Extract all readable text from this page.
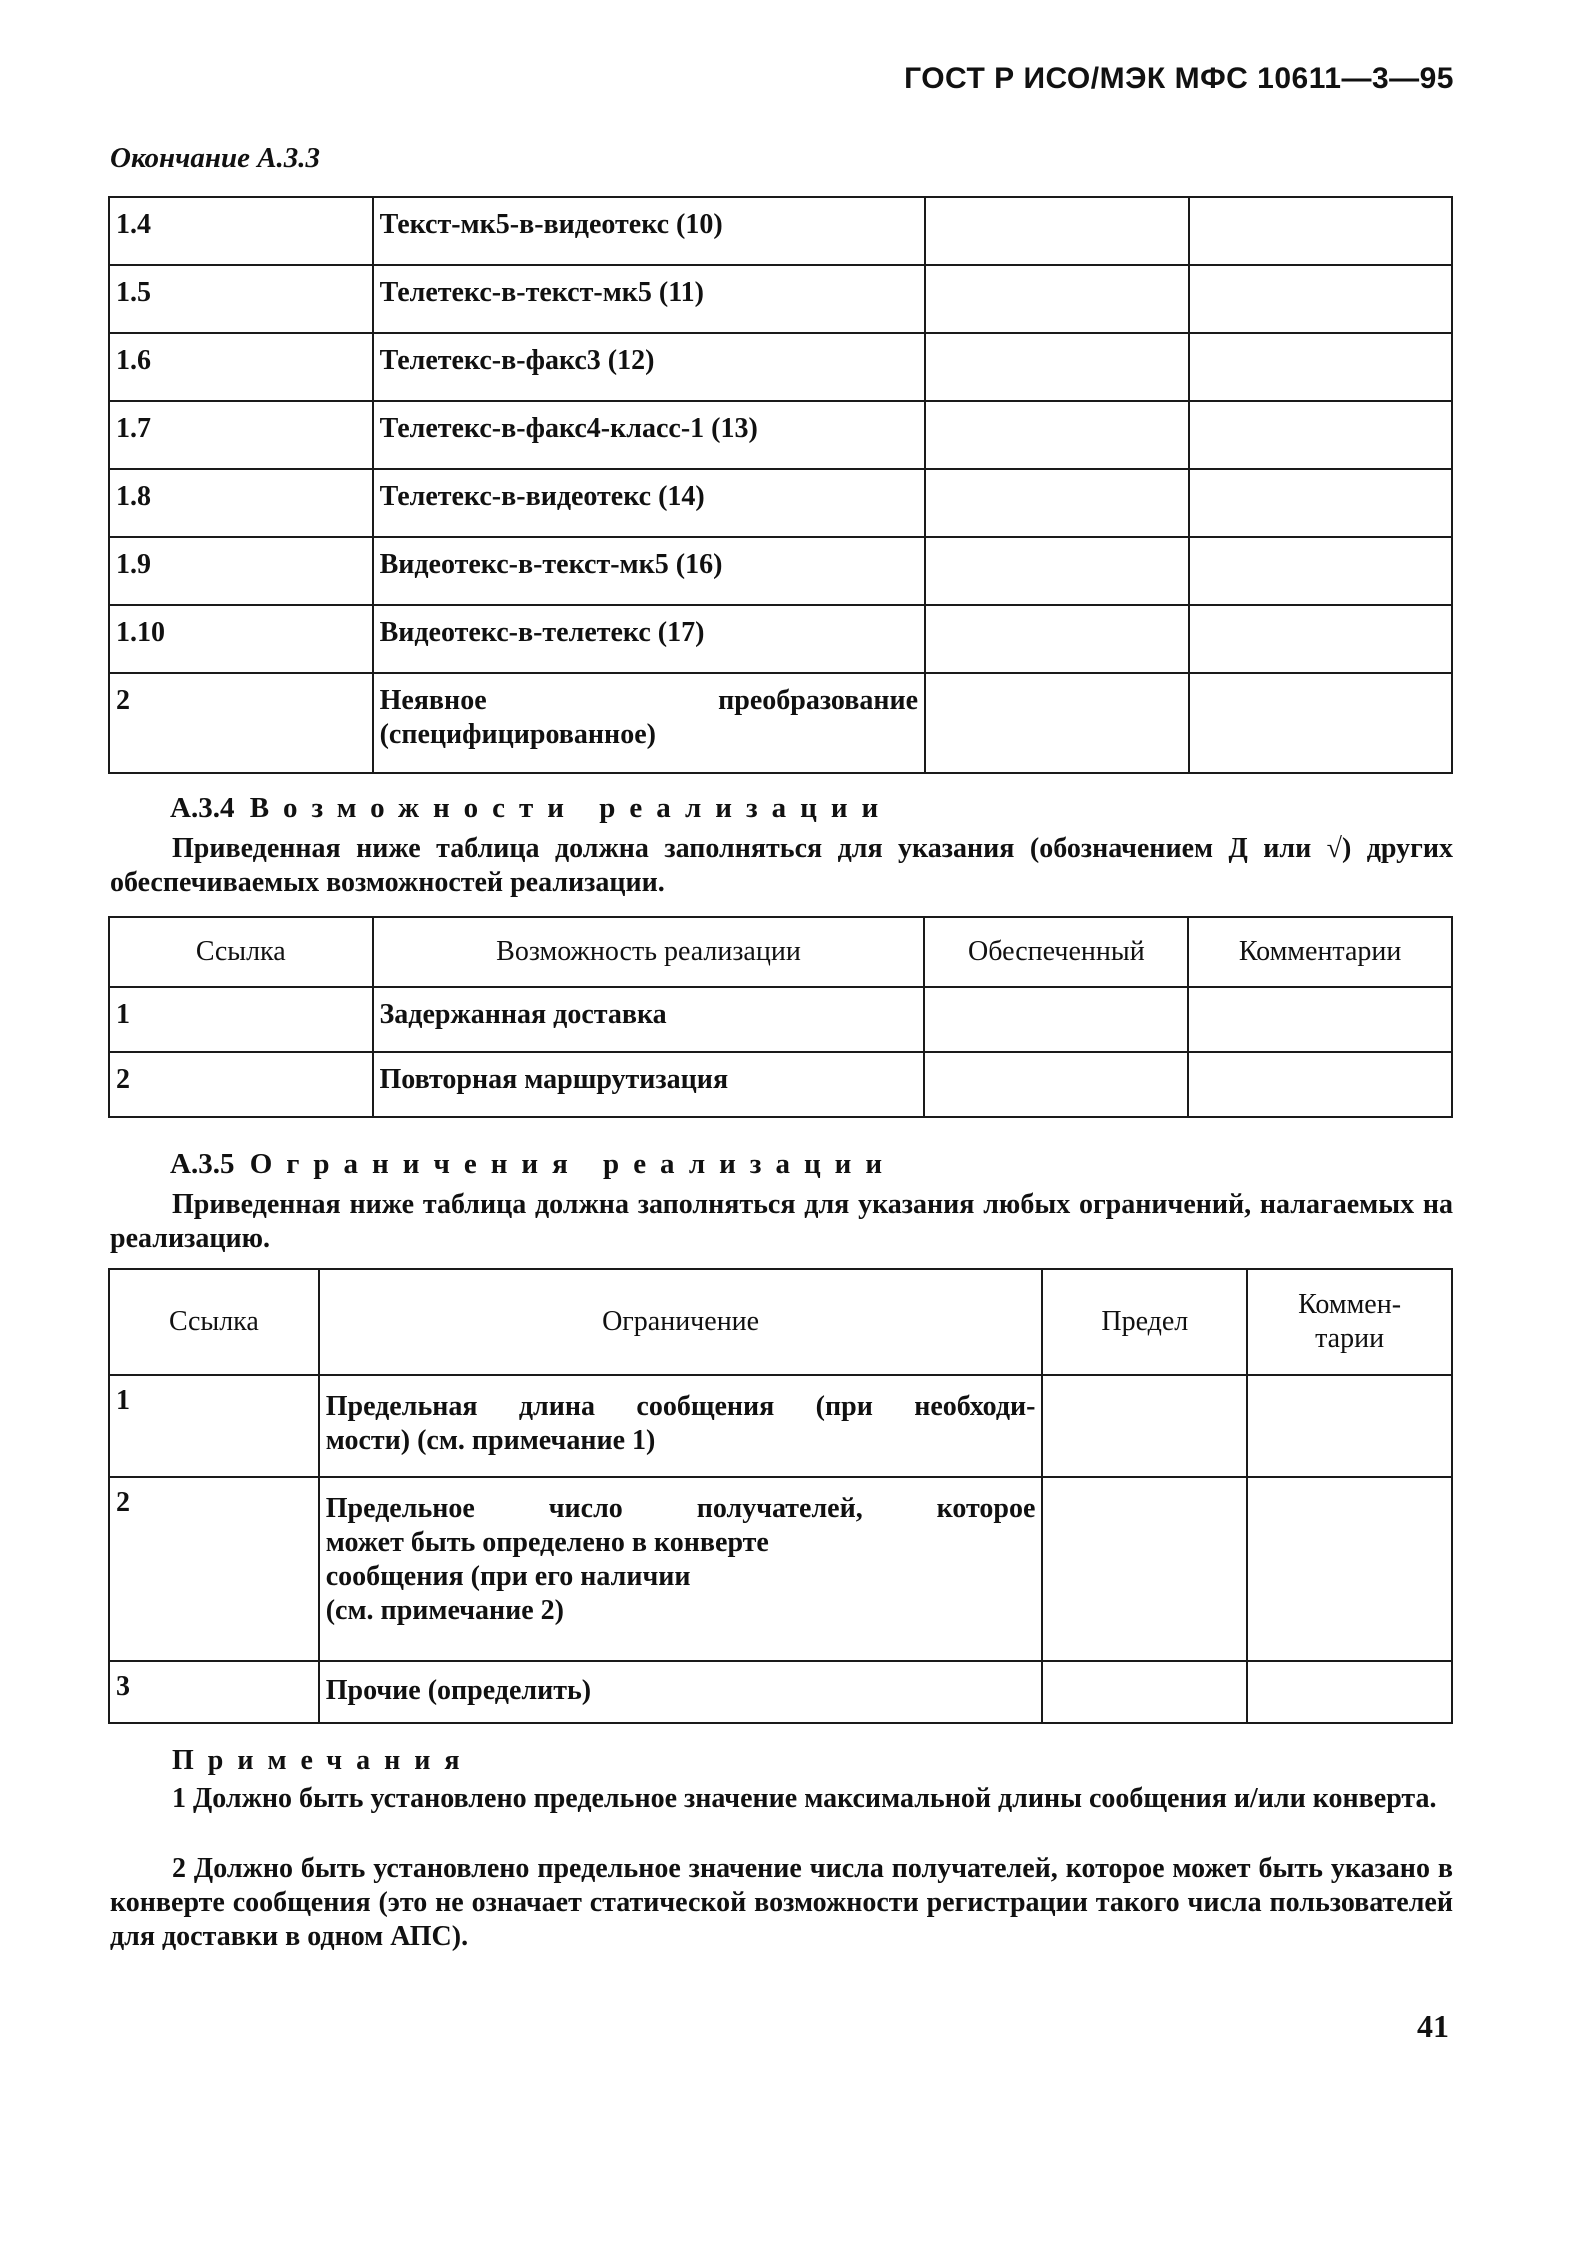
ГОСТ Р ИСО/МЭК МФС 10611—3—95
Окончание А.3.3
1.4	Текст-мк5-в-видеотекс (10)		
1.5	Телетекс-в-текст-мк5 (11)		
1.6	Телетекс-в-факс3 (12)		
1.7	Телетекс-в-факс4-класс-1 (13)		
1.8	Телетекс-в-видеотекс (14)		
1.9	Видеотекс-в-текст-мк5 (16)		
1.10	Видеотекс-в-телетекс (17)		
2	Неявное преобразование
(специфицированное)		

А.3.4 Возможности реализации
Приведенная ниже таблица должна заполняться для указания (обозначением Д или √) других обеспечиваемых возможностей реализации.
Ссылка	Возможность реализации	Обеспеченный	Комментарии
1	Задержанная доставка		
2	Повторная маршрутизация		
А.3.5 Ограничения реализации
Приведенная ниже таблица должна заполняться для указания любых ограничений, налагаемых на реализацию.
Ссылка	Ограничение	Предел	Коммен-
тарии

1	Предельная длина сообщения (при необходи-
мости) (см. примечание 1)		

2	Предельное число получателей, которое
может быть определено в конверте
сообщения (при его наличии
(см. примечание 2)		

3	Прочие (определить)		
Примечания
1 Должно быть установлено предельное значение максимальной длины сообщения и/или конверта.
2 Должно быть установлено предельное значение числа получателей, которое может быть указано в конверте сообщения (это не означает статической возможности регистрации такого числа пользователей для доставки в одном АПС).
41
